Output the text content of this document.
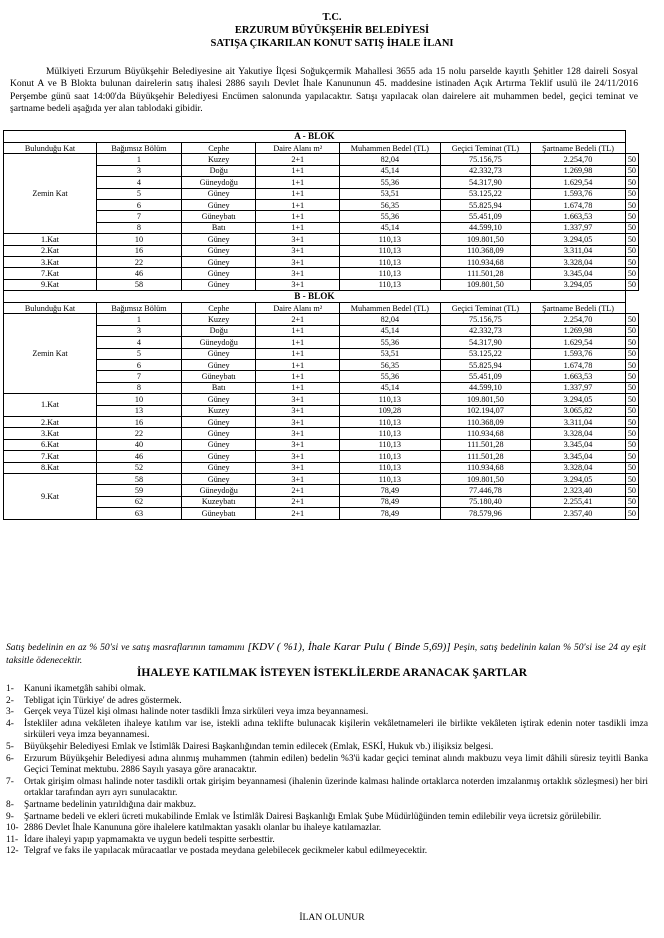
T.C.
ERZURUM BÜYÜKŞEHİR BELEDİYESİ
SATIŞA ÇIKARILAN KONUT SATIŞ İHALE İLANI
Mülkiyeti Erzurum Büyükşehir Belediyesine ait Yakutiye İlçesi Soğukçermik Mahallesi 3655 ada 15 nolu parselde kayıtlı Şehitler 128 daireli Sosyal Konut A ve B Blokta bulunan dairelerin satış ihalesi 2886 sayılı Devlet İhale Kanununun 45. maddesine istinaden Açık Artırma Teklif usulü ile 24/11/2016 Perşembe günü saat 14:00'da Büyükşehir Belediyesi Encümen salonunda yapılacaktır. Satışı yapılacak olan dairelere ait muhammen bedel, geçici teminat ve şartname bedeli aşağıda yer alan tablodaki gibidir.
A - BLOK							
Bulunduğu Kat	Bağımsız Bölüm	Cephe	Daire Alanı m²	Muhammen Bedel (TL)	Geçici Teminat (TL)	Şartname Bedeli (TL)	
Zemin Kat	1	Kuzey	2+1	82,04	75.156,75	2.254,70	50
	3	Doğu	1+1	45,14	42.332,73	1.269,98	50
	4	Güneydoğu	1+1	55,36	54.317,90	1.629,54	50
	5	Güney	1+1	53,51	53.125,22	1.593,76	50
	6	Güney	1+1	56,35	55.825,94	1.674,78	50
	7	Güneybatı	1+1	55,36	55.451,09	1.663,53	50
	8	Batı	1+1	45,14	44.599,10	1.337,97	50
1.Kat	10	Güney	3+1	110,13	109.801,50	3.294,05	50
2.Kat	16	Güney	3+1	110,13	110.368,09	3.311,04	50
3.Kat	22	Güney	3+1	110,13	110.934,68	3.328,04	50
7.Kat	46	Güney	3+1	110,13	111.501,28	3.345,04	50
9.Kat	58	Güney	3+1	110,13	109.801,50	3.294,05	50
B - BLOK							
Bulunduğu Kat	Bağımsız Bölüm	Cephe	Daire Alanı m²	Muhammen Bedel (TL)	Geçici Teminat (TL)	Şartname Bedeli (TL)	
Zemin Kat	1	Kuzey	2+1	82,04	75.156,75	2.254,70	50
	3	Doğu	1+1	45,14	42.332,73	1.269,98	50
	4	Güneydoğu	1+1	55,36	54.317,90	1.629,54	50
	5	Güney	1+1	53,51	53.125,22	1.593,76	50
	6	Güney	1+1	56,35	55.825,94	1.674,78	50
	7	Güneybatı	1+1	55,36	55.451,09	1.663,53	50
	8	Batı	1+1	45,14	44.599,10	1.337,97	50
1.Kat	10	Güney	3+1	110,13	109.801,50	3.294,05	50
	13	Kuzey	3+1	109,28	102.194,07	3.065,82	50
2.Kat	16	Güney	3+1	110,13	110.368,09	3.311,04	50
3.Kat	22	Güney	3+1	110,13	110.934,68	3.328,04	50
6.Kat	40	Güney	3+1	110,13	111.501,28	3.345,04	50
7.Kat	46	Güney	3+1	110,13	111.501,28	3.345,04	50
8.Kat	52	Güney	3+1	110,13	110.934,68	3.328,04	50
9.Kat	58	Güney	3+1	110,13	109.801,50	3.294,05	50
	59	Güneydoğu	2+1	78,49	77.446,78	2.323,40	50
	62	Kuzeybatı	2+1	78,49	75.180,40	2.255,41	50
	63	Güneybatı	2+1	78,49	78.579,96	2.357,40	50
Satış bedelinin en az % 50'si ve satış masraflarının tamamını [KDV ( %1), İhale Karar Pulu ( Binde 5,69)] Peşin, satış bedelinin kalan % 50'si ise 24 ay eşit taksitle ödenecektir.
İHALEYE KATILMAK İSTEYEN İSTEKLİLERDE ARANACAK ŞARTLAR
1-	Kanuni ikametgâh sahibi olmak.
2-	Tebligat için Türkiye' de adres göstermek.
3-	Gerçek veya Tüzel kişi olması halinde noter tasdikli İmza sirküleri veya imza beyannamesi.
4-	İstekliler adına vekâleten ihaleye katılım var ise, istekli adına teklifte bulunacak kişilerin vekâletnameleri ile birlikte vekâleten iştirak edenin noter tasdikli imza sirküleri veya imza beyannamesi.
5-	Büyükşehir Belediyesi Emlak ve İstimlâk Dairesi Başkanlığından temin edilecek (Emlak, ESKİ, Hukuk vb.) ilişiksiz belgesi.
6-	Erzurum Büyükşehir Belediyesi adına alınmış muhammen (tahmin edilen) bedelin %3'ü kadar geçici teminat alındı makbuzu veya limit dâhili süresiz teyitli Banka Geçici Teminat mektubu. 2886 Sayılı yasaya göre aranacaktır.
7-	Ortak girişim olması halinde noter tasdikli ortak girişim beyannamesi (ihalenin üzerinde kalması halinde ortaklarca noterden imzalanmış ortaklık sözleşmesi) her biri ortaklar tarafından ayrı ayrı sunulacaktır.
8-	Şartname bedelinin yatırıldığına dair makbuz.
9-	Şartname bedeli ve ekleri ücreti mukabilinde Emlak ve İstimlâk Dairesi Başkanlığı Emlak Şube Müdürlüğünden temin edilebilir veya ücretsiz görülebilir.
10- 2886 Devlet İhale Kanununa göre ihalelere katılmaktan yasaklı olanlar bu ihaleye katılamazlar.
11- İdare ihaleyi yapıp yapmamakta ve uygun bedeli tespitte serbesttir.
12- Telgraf ve faks ile yapılacak müracaatlar ve postada meydana gelebilecek gecikmeler kabul edilmeyecektir.
İLAN OLUNUR
